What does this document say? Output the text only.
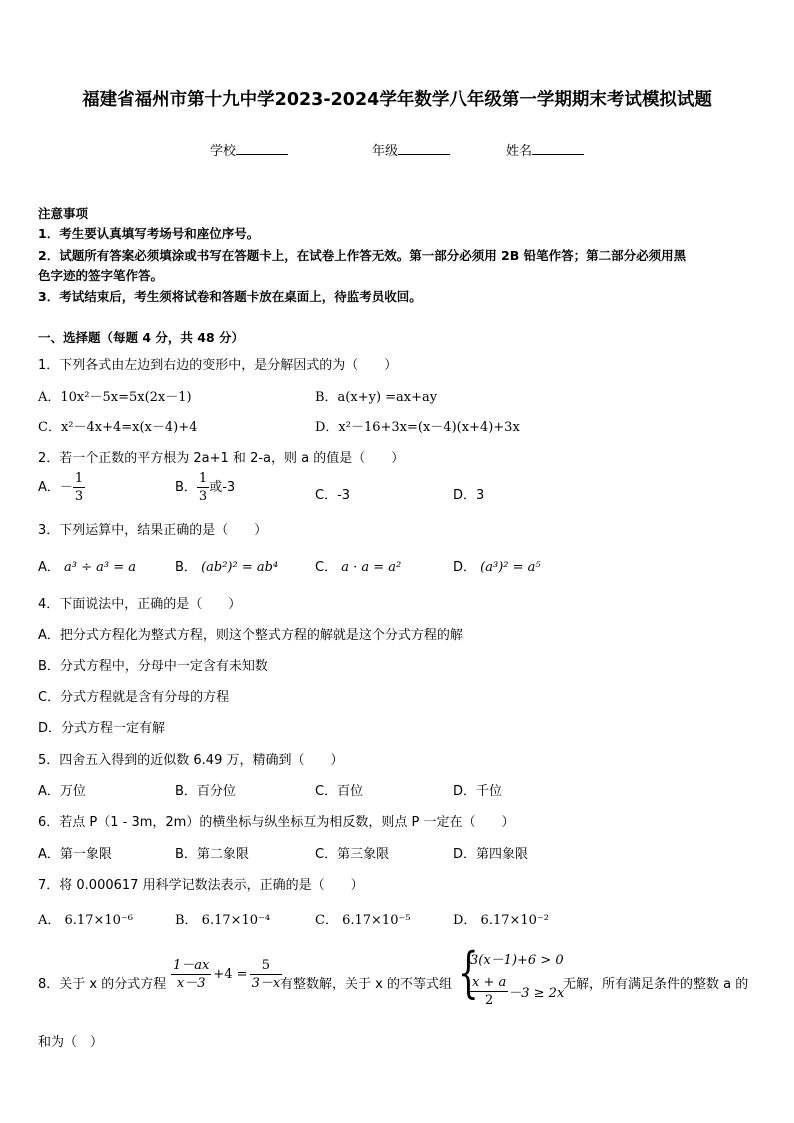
福建省福州市第十九中学2023-2024学年数学八年级第一学期期末考试模拟试题
学校	年级	姓名
注意事项
1．考生要认真填写考场号和座位序号。
2．试题所有答案必须填涂或书写在答题卡上，在试卷上作答无效。第一部分必须用 2B 铅笔作答；第二部分必须用黑
色字迹的签字笔作答。
3．考试结束后，考生须将试卷和答题卡放在桌面上，待监考员收回。
一、选择题（每题 4 分，共 48 分）
1．下列各式由左边到右边的变形中，是分解因式的为（　　）
A．10x²－5x=5x(2x－1)	B．a(x+y) =ax+ay
C．x²－4x+4=x(x－4)+4	D．x²－16+3x=(x－4)(x+4)+3x
2．若一个正数的平方根为 2a+1 和 2-a，则 a 的值是（　　）
A．－ $\frac{1}{3}$	B． $\frac{1}{3}$ 或-3
C．-3	D．3
3．下列运算中，结果正确的是（　　）
A． a³ ÷ a³ = a	B． (ab²)² = ab⁴	C． a · a = a²	D． (a³)² = a⁵
4．下面说法中，正确的是（　　）
A．把分式方程化为整式方程，则这个整式方程的解就是这个分式方程的解
B．分式方程中，分母中一定含有未知数
C．分式方程就是含有分母的方程
D．分式方程一定有解
5．四舍五入得到的近似数 6.49 万，精确到（　　）
A．万位	B．百分位	C．百位	D．千位
6．若点 P（1 - 3m，2m）的横坐标与纵坐标互为相反数，则点 P 一定在（　　）
A．第一象限	B．第二象限	C．第三象限	D．第四象限
7．将 0.000617 用科学记数法表示，正确的是（　　）
A． 6.17×10⁻⁶	B． 6.17×10⁻⁴	C． 6.17×10⁻⁵	D． 6.17×10⁻²
8．关于 x 的分式方程 $\frac{1-ax}{x-3} +4 = \frac{5}{3-x}$
有整数解，关于 x 的不等式组 {
3(x－1)+6 > 0
$\frac{x + a}{2} -3 \ge 2x$
无解，所有满足条件的整数 a 的
和为（　）
